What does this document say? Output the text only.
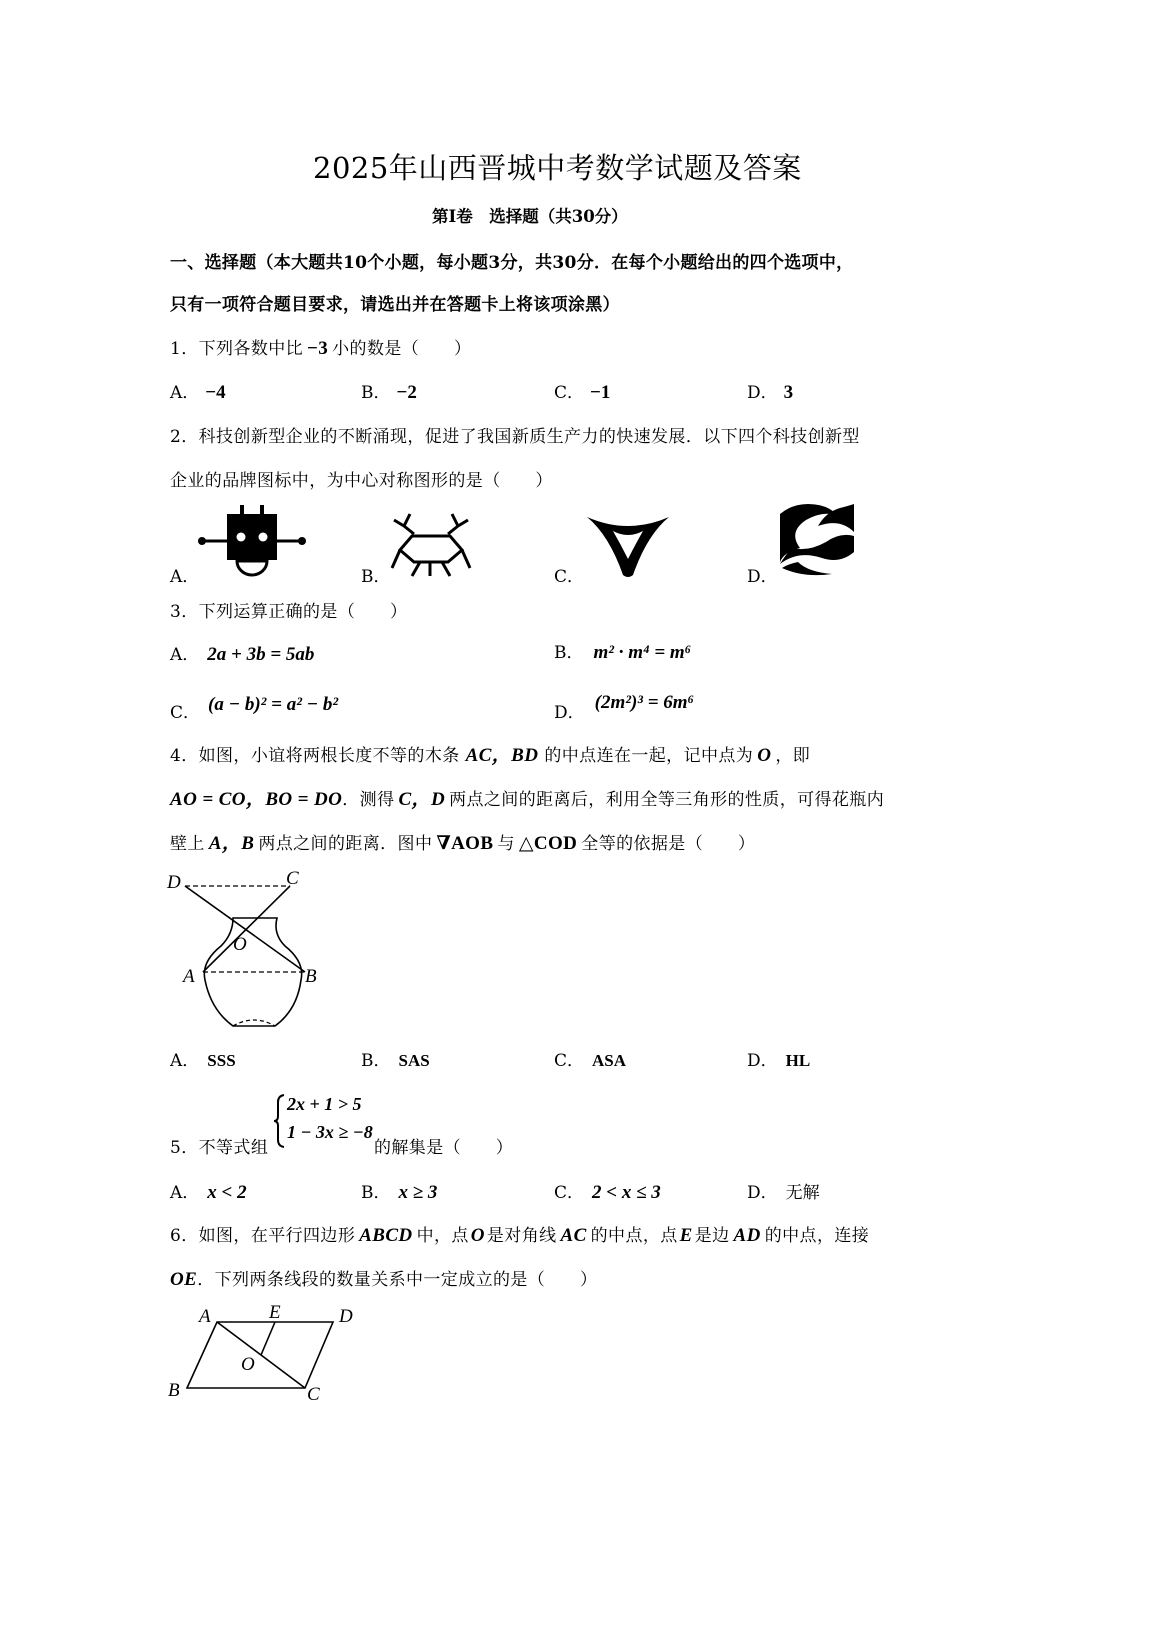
2025年山西晋城中考数学试题及答案
第Ⅰ卷　选择题（共30分）
一、选择题（本大题共10个小题，每小题3分，共30分．在每个小题给出的四个选项中，
只有一项符合题目要求，请选出并在答题卡上将该项涂黑）
1．下列各数中比 −3 小的数是（　　）
A． −4	B． −2	C． −1	D． 3
2．科技创新型企业的不断涌现，促进了我国新质生产力的快速发展．以下四个科技创新型
企业的品牌图标中，为中心对称图形的是（　　）
A．	B．	C．	D．
3．下列运算正确的是（　　）
A． 2a + 3b = 5ab	B． m² · m⁴ = m⁶
C． (a − b)² = a² − b²	D． (2m²)³ = 6m⁶
4．如图，小谊将两根长度不等的木条 AC，BD 的中点连在一起，记中点为 O ，即
AO = CO，BO = DO．测得 C，D 两点之间的距离后，利用全等三角形的性质，可得花瓶内
壁上 A，B 两点之间的距离．图中 ∇AOB 与 △COD 全等的依据是（　　）
D	C
O
A	B
A． SSS	B． SAS	C． ASA	D． HL
5．不等式组
2x + 1 > 5
1 − 3x ≥ −8
的解集是（　　）
A． x < 2	B． x ≥ 3	C． 2 < x ≤ 3	D． 无解
6．如图，在平行四边形 ABCD 中，点 O 是对角线 AC 的中点，点 E 是边 AD 的中点，连接
OE．下列两条线段的数量关系中一定成立的是（　　）
A	E	D
O
B	C
